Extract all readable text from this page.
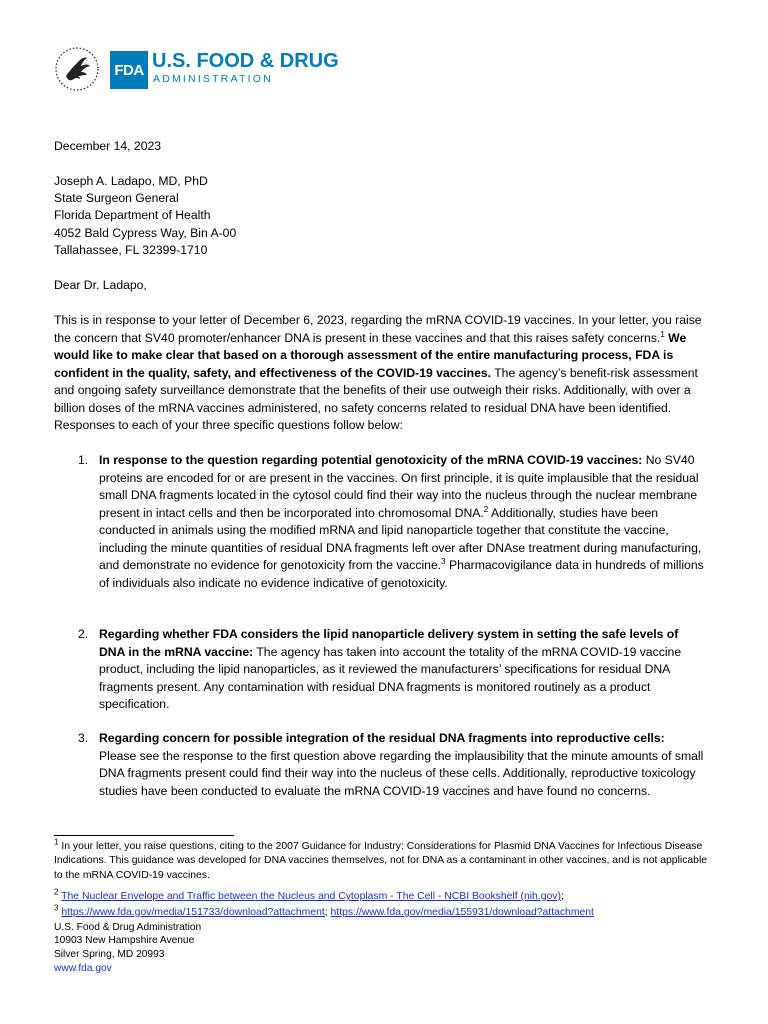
FDA U.S. FOOD & DRUG
ADMINISTRATION
December 14, 2023
Joseph A. Ladapo, MD, PhD
State Surgeon General
Florida Department of Health
4052 Bald Cypress Way, Bin A-00
Tallahassee, FL 32399-1710
Dear Dr. Ladapo,
This is in response to your letter of December 6, 2023, regarding the mRNA COVID-19 vaccines. In your letter, you raise the concern that SV40 promoter/enhancer DNA is present in these vaccines and that this raises safety concerns.$^1$ We would like to make clear that based on a thorough assessment of the entire manufacturing process, FDA is confident in the quality, safety, and effectiveness of the COVID-19 vaccines. The agency’s benefit-risk assessment and ongoing safety surveillance demonstrate that the benefits of their use outweigh their risks. Additionally, with over a billion doses of the mRNA vaccines administered, no safety concerns related to residual DNA have been identified. Responses to each of your three specific questions follow below:
1. In response to the question regarding potential genotoxicity of the mRNA COVID-19 vaccines: No SV40 proteins are encoded for or are present in the vaccines. On first principle, it is quite implausible that the residual small DNA fragments located in the cytosol could find their way into the nucleus through the nuclear membrane present in intact cells and then be incorporated into chromosomal DNA.$^2$ Additionally, studies have been conducted in animals using the modified mRNA and lipid nanoparticle together that constitute the vaccine, including the minute quantities of residual DNA fragments left over after DNAse treatment during manufacturing, and demonstrate no evidence for genotoxicity from the vaccine.$^3$ Pharmacovigilance data in hundreds of millions of individuals also indicate no evidence indicative of genotoxicity.
2. Regarding whether FDA considers the lipid nanoparticle delivery system in setting the safe levels of DNA in the mRNA vaccine: The agency has taken into account the totality of the mRNA COVID-19 vaccine product, including the lipid nanoparticles, as it reviewed the manufacturers’ specifications for residual DNA fragments present. Any contamination with residual DNA fragments is monitored routinely as a product specification.
3. Regarding concern for possible integration of the residual DNA fragments into reproductive cells: Please see the response to the first question above regarding the implausibility that the minute amounts of small DNA fragments present could find their way into the nucleus of these cells. Additionally, reproductive toxicology studies have been conducted to evaluate the mRNA COVID-19 vaccines and have found no concerns.
$^1$ In your letter, you raise questions, citing to the 2007 Guidance for Industry: Considerations for Plasmid DNA Vaccines for Infectious Disease Indications. This guidance was developed for DNA vaccines themselves, not for DNA as a contaminant in other vaccines, and is not applicable to the mRNA COVID-19 vaccines.
$^2$ The Nuclear Envelope and Traffic between the Nucleus and Cytoplasm - The Cell - NCBI Bookshelf (nih.gov);
$^3$ https://www.fda.gov/media/151733/download?attachment; https://www.fda.gov/media/155931/download?attachment
U.S. Food & Drug Administration
10903 New Hampshire Avenue
Silver Spring, MD 20993
www.fda.gov
